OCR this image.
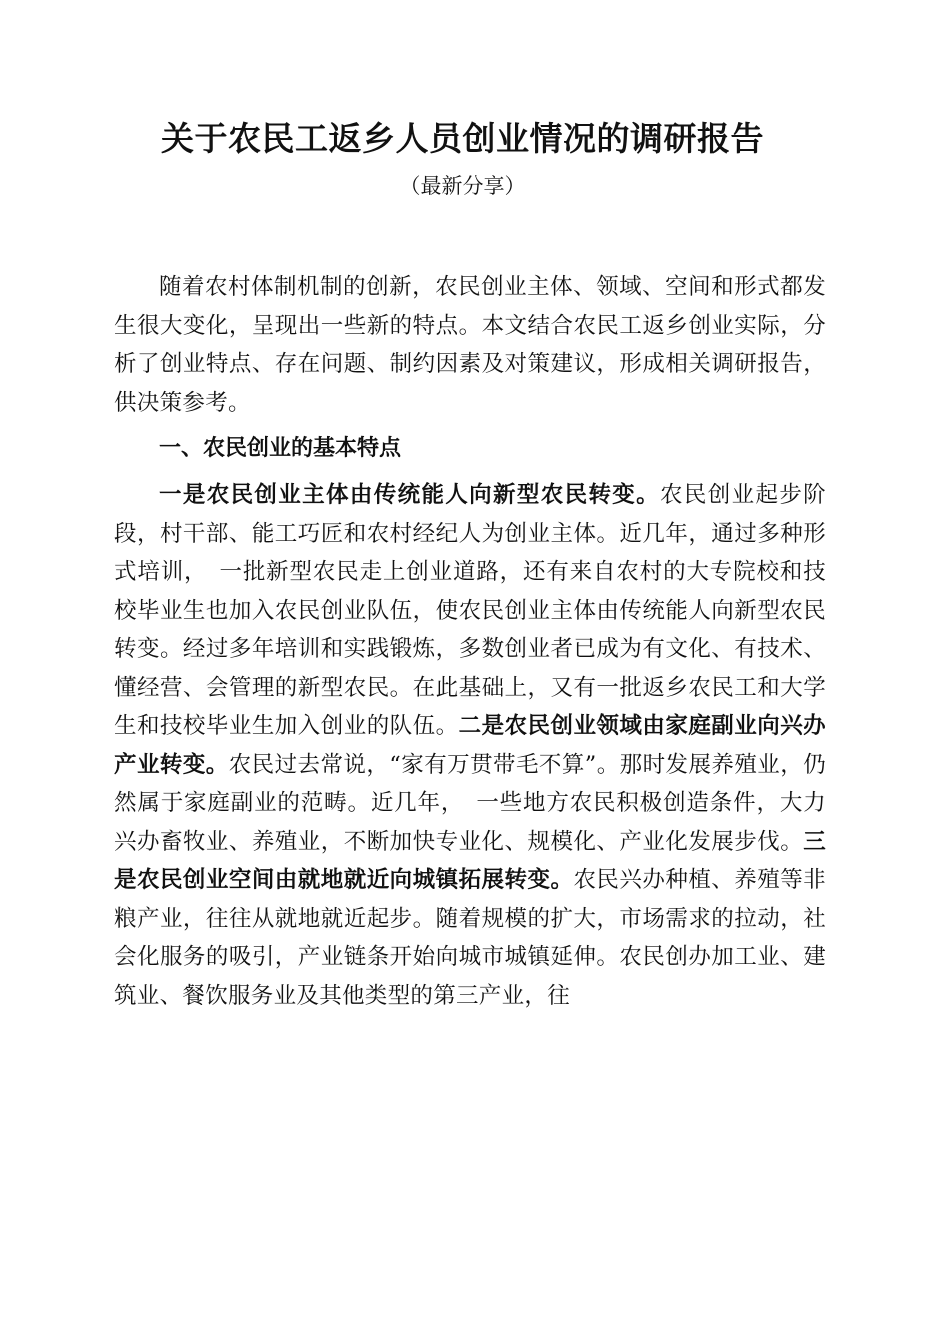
关于农民工返乡人员创业情况的调研报告

（最新分享）

随着农村体制机制的创新，农民创业主体、领域、空间和形式都发生很大变化，呈现出一些新的特点。本文结合农民工返乡创业实际，分析了创业特点、存在问题、制约因素及对策建议，形成相关调研报告，供决策参考。

一、农民创业的基本特点

一是农民创业主体由传统能人向新型农民转变。农民创业起步阶段，村干部、能工巧匠和农村经纪人为创业主体。近几年，通过多种形式培训，　一批新型农民走上创业道路，还有来自农村的大专院校和技校毕业生也加入农民创业队伍，使农民创业主体由传统能人向新型农民转变。经过多年培训和实践锻炼，多数创业者已成为有文化、有技术、懂经营、会管理的新型农民。在此基础上，又有一批返乡农民工和大学生和技校毕业生加入创业的队伍。二是农民创业领域由家庭副业向兴办产业转变。农民过去常说，“家有万贯带毛不算”。那时发展养殖业，仍然属于家庭副业的范畴。近几年，　一些地方农民积极创造条件，大力兴办畜牧业、养殖业，不断加快专业化、规模化、产业化发展步伐。三是农民创业空间由就地就近向城镇拓展转变。农民兴办种植、养殖等非粮产业，往往从就地就近起步。随着规模的扩大，市场需求的拉动，社会化服务的吸引，产业链条开始向城市城镇延伸。农民创办加工业、建筑业、餐饮服务业及其他类型的第三产业，往
